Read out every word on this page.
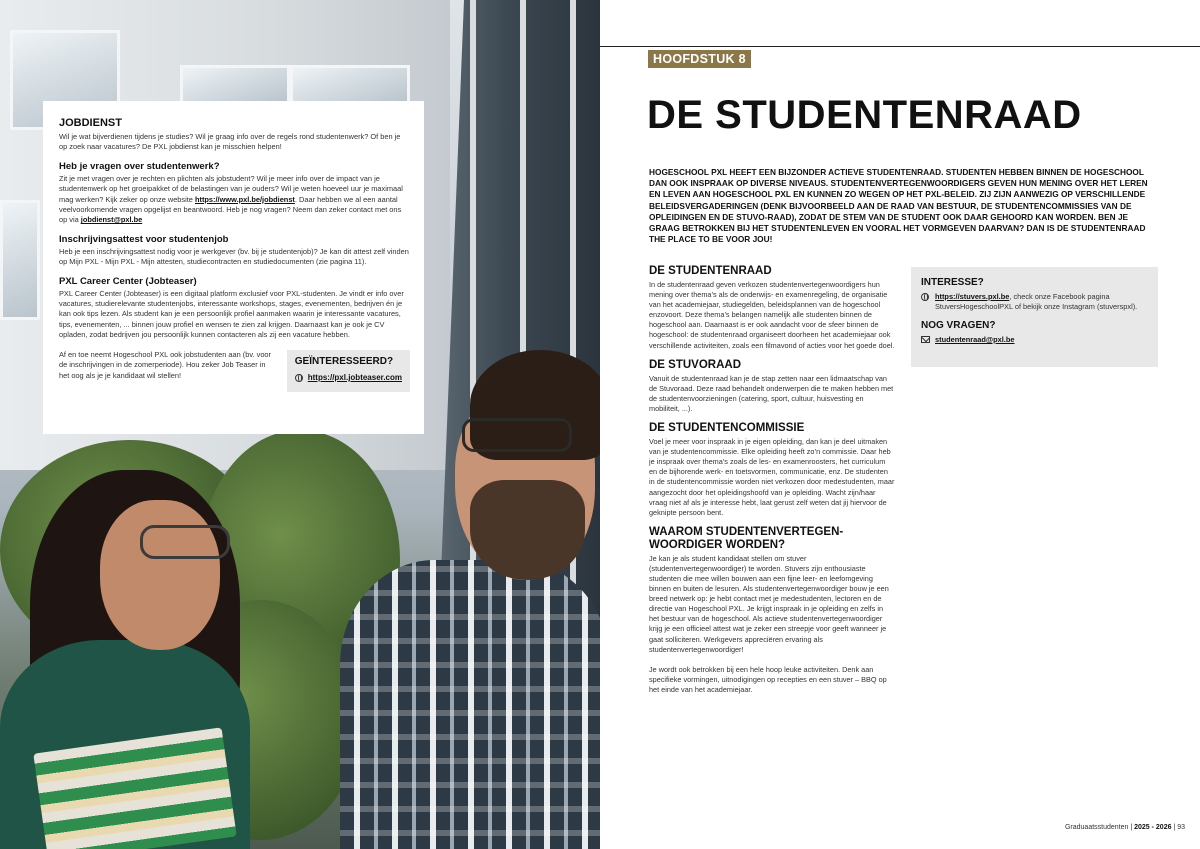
JOBDIENST

Wil je wat bijverdienen tijdens je studies? Wil je graag info over de regels rond studentenwerk? Of ben je op zoek naar vacatures? De PXL jobdienst kan je misschien helpen!

Heb je vragen over studentenwerk?

Zit je met vragen over je rechten en plichten als jobstudent? Wil je meer info over de impact van je studentenwerk op het groeipakket of de belastingen van je ouders? Wil je weten hoeveel uur je maximaal mag werken? Kijk zeker op onze website https://www.pxl.be/jobdienst. Daar hebben we al een aantal veelvoorkomende vragen opgelijst en beantwoord. Heb je nog vragen? Neem dan zeker contact met ons op via jobdienst@pxl.be

Inschrijvingsattest voor studentenjob

Heb je een inschrijvingsattest nodig voor je werkgever (bv. bij je studentenjob)? Je kan dit attest zelf vinden op Mijn PXL - Mijn PXL - Mijn attesten, studiecontracten en studiedocumenten (zie pagina 11).

PXL Career Center (Jobteaser)

PXL Career Center (Jobteaser) is een digitaal platform exclusief voor PXL-studenten. Je vindt er info over vacatures, studierelevante studentenjobs, interessante workshops, stages, evenementen, bedrijven én je kan ook tips lezen. Als student kan je een persoonlijk profiel aanmaken waarin je interessante vacatures, tips, evenementen, ... binnen jouw profiel en wensen te zien zal krijgen. Daarnaast kan je ook je CV opladen, zodat bedrijven jou persoonlijk kunnen contacteren als zij een vacature hebben.

Af en toe neemt Hogeschool PXL ook jobstudenten aan (bv. voor de inschrijvingen in de zomerperiode). Hou zeker Job Teaser in het oog als je je kandidaat wil stellen!

GEÏNTERESSEERD?
https://pxl.jobteaser.com
HOOFDSTUK 8
DE STUDENTENRAAD

HOGESCHOOL PXL HEEFT EEN BIJZONDER ACTIEVE STUDENTENRAAD. STUDENTEN HEBBEN BINNEN DE HOGESCHOOL DAN OOK INSPRAAK OP DIVERSE NIVEAUS. STUDENTENVERTEGENWOORDIGERS GEVEN HUN MENING OVER HET LEREN EN LEVEN AAN HOGESCHOOL PXL EN KUNNEN ZO WEGEN OP HET PXL-BELEID. ZIJ ZIJN AANWEZIG OP VERSCHILLENDE BELEIDSVERGADERINGEN (DENK BIJVOORBEELD AAN DE RAAD VAN BESTUUR, DE STUDENTENCOMMISSIES VAN DE OPLEIDINGEN EN DE STUVO-RAAD), ZODAT DE STEM VAN DE STUDENT OOK DAAR GEHOORD KAN WORDEN. BEN JE GRAAG BETROKKEN BIJ HET STUDENTENLEVEN EN VOORAL HET VORMGEVEN DAARVAN? DAN IS DE STUDENTENRAAD THE PLACE TO BE VOOR JOU!

DE STUDENTENRAAD

In de studentenraad geven verkozen studentenvertegenwoordigers hun mening over thema’s als de onderwijs- en examenregeling, de organisatie van het academiejaar, studiegelden, beleidsplannen van de hogeschool enzovoort. Deze thema’s belangen namelijk alle studenten binnen de hogeschool aan. Daarnaast is er ook aandacht voor de sfeer binnen de hogeschool: de studentenraad organiseert doorheen het academiejaar ook verschillende activiteiten, zoals een filmavond of acties voor het goede doel.

DE STUVORAAD

Vanuit de studentenraad kan je de stap zetten naar een lidmaatschap van de Stuvoraad. Deze raad behandelt onderwerpen die te maken hebben met de studentenvoorzieningen (catering, sport, cultuur, huisvesting en mobiliteit, ...).

DE STUDENTENCOMMISSIE

Voel je meer voor inspraak in je eigen opleiding, dan kan je deel uitmaken van je studentencommissie. Elke opleiding heeft zo’n commissie. Daar heb je inspraak over thema’s zoals de les- en examenroosters, het curriculum en de bijhorende werk- en toetsvormen, communicatie, enz. De studenten in de studentencommissie worden niet verkozen door medestudenten, maar aangezocht door het opleidingshoofd van je opleiding. Wacht zijn/haar vraag niet af als je interesse hebt, laat gerust zelf weten dat jij hiervoor de geknipte persoon bent.

WAAROM STUDENTENVERTEGEN-WOORDIGER WORDEN?

Je kan je als student kandidaat stellen om stuver (studentenvertegenwoordiger) te worden. Stuvers zijn enthousiaste studenten die mee willen bouwen aan een fijne leer- en leefomgeving binnen en buiten de lesuren. Als studentenvertegenwoordiger bouw je een breed netwerk op: je hebt contact met je medestudenten, lectoren en de directie van Hogeschool PXL. Je krijgt inspraak in je opleiding en zelfs in het bestuur van de hogeschool. Als actieve studentenvertegenwoordiger krijg je een officieel attest wat je zeker een streepje voor geeft wanneer je gaat solliciteren. Werkgevers appreciëren ervaring als studentenvertegenwoordiger!

Je wordt ook betrokken bij een hele hoop leuke activiteiten. Denk aan specifieke vormingen, uitnodigingen op recepties en een stuver – BBQ op het einde van het academiejaar.

INTERESSE?
https://stuvers.pxl.be, check onze Facebook pagina StuversHogeschoolPXL of bekijk onze Instagram (stuverspxl).
NOG VRAGEN?
studentenraad@pxl.be
Graduaatsstudenten | 2025 - 2026 | 93
